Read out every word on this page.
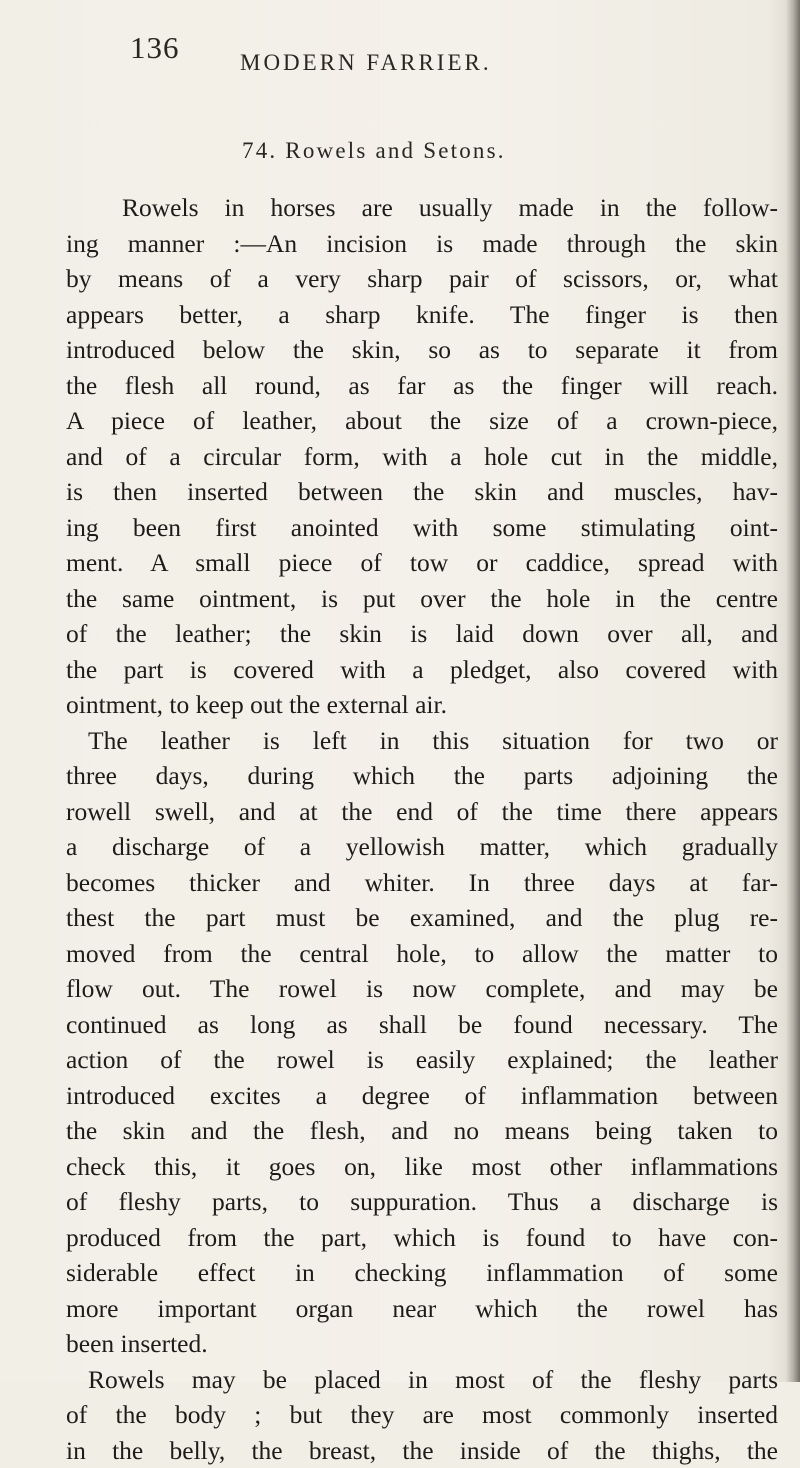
136	MODERN FARRIER.
74. Rowels and Setons.
Rowels in horses are usually made in the follow-
ing manner :—An incision is made through the skin
by means of a very sharp pair of scissors, or, what
appears better, a sharp knife. The finger is then
introduced below the skin, so as to separate it from
the flesh all round, as far as the finger will reach.
A piece of leather, about the size of a crown-piece,
and of a circular form, with a hole cut in the middle,
is then inserted between the skin and muscles, hav-
ing been first anointed with some stimulating oint-
ment. A small piece of tow or caddice, spread with
the same ointment, is put over the hole in the centre
of the leather; the skin is laid down over all, and
the part is covered with a pledget, also covered with
ointment, to keep out the external air.
The leather is left in this situation for two or
three days, during which the parts adjoining the
rowell swell, and at the end of the time there appears
a discharge of a yellowish matter, which gradually
becomes thicker and whiter. In three days at far-
thest the part must be examined, and the plug re-
moved from the central hole, to allow the matter to
flow out. The rowel is now complete, and may be
continued as long as shall be found necessary. The
action of the rowel is easily explained; the leather
introduced excites a degree of inflammation between
the skin and the flesh, and no means being taken to
check this, it goes on, like most other inflammations
of fleshy parts, to suppuration. Thus a discharge is
produced from the part, which is found to have con-
siderable effect in checking inflammation of some
more important organ near which the rowel has
been inserted.
Rowels may be placed in most of the fleshy parts
of the body ; but they are most commonly inserted
in the belly, the breast, the inside of the thighs, the
